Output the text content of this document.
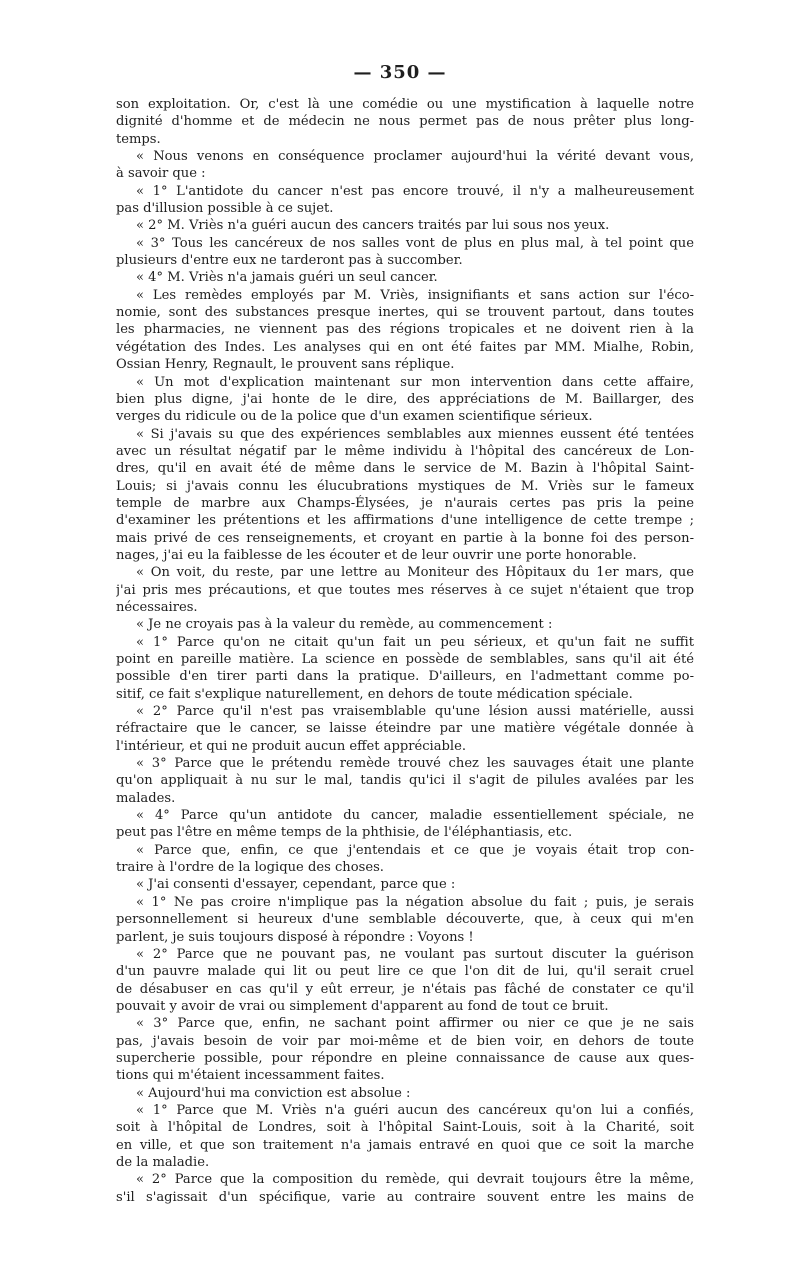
— 350 —
son exploitation. Or, c'est là une comédie ou une mystification à laquelle notre
dignité d'homme et de médecin ne nous permet pas de nous prêter plus long-
temps.
« Nous venons en conséquence proclamer aujourd'hui la vérité devant vous,
à savoir que :
« 1° L'antidote du cancer n'est pas encore trouvé, il n'y a malheureusement
pas d'illusion possible à ce sujet.
« 2° M. Vriès n'a guéri aucun des cancers traités par lui sous nos yeux.
« 3° Tous les cancéreux de nos salles vont de plus en plus mal, à tel point que
plusieurs d'entre eux ne tarderont pas à succomber.
« 4° M. Vriès n'a jamais guéri un seul cancer.
« Les remèdes employés par M. Vriès, insignifiants et sans action sur l'éco-
nomie, sont des substances presque inertes, qui se trouvent partout, dans toutes
les pharmacies, ne viennent pas des régions tropicales et ne doivent rien à la
végétation des Indes. Les analyses qui en ont été faites par MM. Mialhe, Robin,
Ossian Henry, Regnault, le prouvent sans réplique.
« Un mot d'explication maintenant sur mon intervention dans cette affaire,
bien plus digne, j'ai honte de le dire, des appréciations de M. Baillarger, des
verges du ridicule ou de la police que d'un examen scientifique sérieux.
« Si j'avais su que des expériences semblables aux miennes eussent été tentées
avec un résultat négatif par le même individu à l'hôpital des cancéreux de Lon-
dres, qu'il en avait été de même dans le service de M. Bazin à l'hôpital Saint-
Louis; si j'avais connu les élucubrations mystiques de M. Vriès sur le fameux
temple de marbre aux Champs-Élysées, je n'aurais certes pas pris la peine
d'examiner les prétentions et les affirmations d'une intelligence de cette trempe ;
mais privé de ces renseignements, et croyant en partie à la bonne foi des person-
nages, j'ai eu la faiblesse de les écouter et de leur ouvrir une porte honorable.
« On voit, du reste, par une lettre au Moniteur des Hôpitaux du 1er mars, que
j'ai pris mes précautions, et que toutes mes réserves à ce sujet n'étaient que trop
nécessaires.
« Je ne croyais pas à la valeur du remède, au commencement :
« 1° Parce qu'on ne citait qu'un fait un peu sérieux, et qu'un fait ne suffit
point en pareille matière. La science en possède de semblables, sans qu'il ait été
possible d'en tirer parti dans la pratique. D'ailleurs, en l'admettant comme po-
sitif, ce fait s'explique naturellement, en dehors de toute médication spéciale.
« 2° Parce qu'il n'est pas vraisemblable qu'une lésion aussi matérielle, aussi
réfractaire que le cancer, se laisse éteindre par une matière végétale donnée à
l'intérieur, et qui ne produit aucun effet appréciable.
« 3° Parce que le prétendu remède trouvé chez les sauvages était une plante
qu'on appliquait à nu sur le mal, tandis qu'ici il s'agit de pilules avalées par les
malades.
« 4° Parce qu'un antidote du cancer, maladie essentiellement spéciale, ne
peut pas l'être en même temps de la phthisie, de l'éléphantiasis, etc.
« Parce que, enfin, ce que j'entendais et ce que je voyais était trop con-
traire à l'ordre de la logique des choses.
« J'ai consenti d'essayer, cependant, parce que :
« 1° Ne pas croire n'implique pas la négation absolue du fait ; puis, je serais
personnellement si heureux d'une semblable découverte, que, à ceux qui m'en
parlent, je suis toujours disposé à répondre : Voyons !
« 2° Parce que ne pouvant pas, ne voulant pas surtout discuter la guérison
d'un pauvre malade qui lit ou peut lire ce que l'on dit de lui, qu'il serait cruel
de désabuser en cas qu'il y eût erreur, je n'étais pas fâché de constater ce qu'il
pouvait y avoir de vrai ou simplement d'apparent au fond de tout ce bruit.
« 3° Parce que, enfin, ne sachant point affirmer ou nier ce que je ne sais
pas, j'avais besoin de voir par moi-même et de bien voir, en dehors de toute
supercherie possible, pour répondre en pleine connaissance de cause aux ques-
tions qui m'étaient incessamment faites.
« Aujourd'hui ma conviction est absolue :
« 1° Parce que M. Vriès n'a guéri aucun des cancéreux qu'on lui a confiés,
soit à l'hôpital de Londres, soit à l'hôpital Saint-Louis, soit à la Charité, soit
en ville, et que son traitement n'a jamais entravé en quoi que ce soit la marche
de la maladie.
« 2° Parce que la composition du remède, qui devrait toujours être la même,
s'il s'agissait d'un spécifique, varie au contraire souvent entre les mains de
